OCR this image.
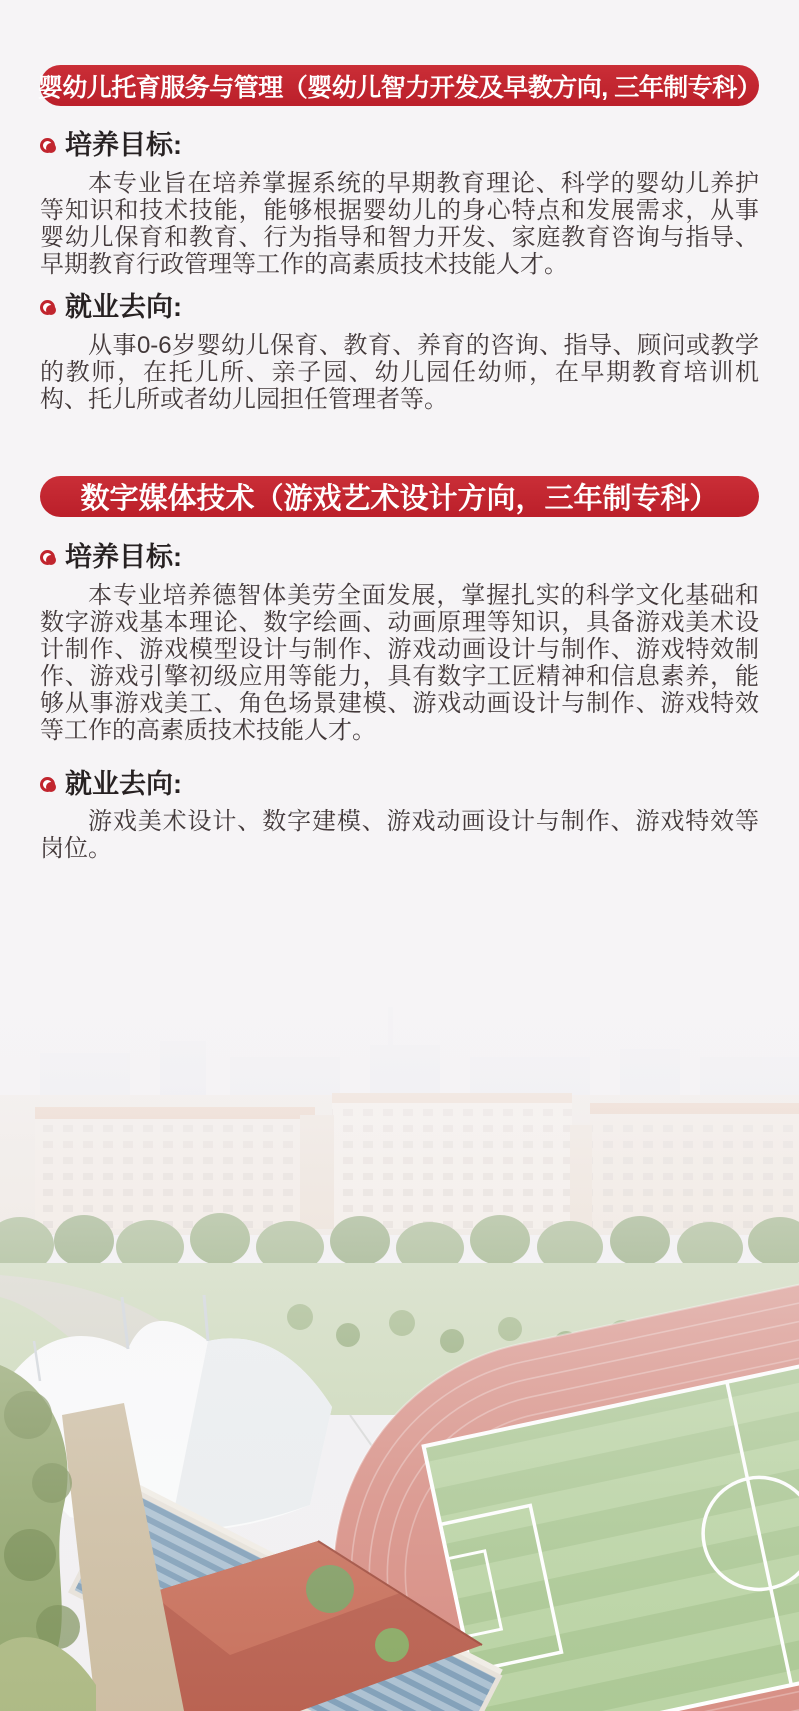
婴幼儿托育服务与管理（婴幼儿智力开发及早教方向, 三年制专科）
培养目标:

本专业旨在培养掌握系统的早期教育理论、科学的婴幼儿养护等知识和技术技能，能够根据婴幼儿的身心特点和发展需求，从事婴幼儿保育和教育、行为指导和智力开发、家庭教育咨询与指导、早期教育行政管理等工作的高素质技术技能人才。

就业去向:

从事0-6岁婴幼儿保育、教育、养育的咨询、指导、顾问或教学的教师，在托儿所、亲子园、幼儿园任幼师，在早期教育培训机构、托儿所或者幼儿园担任管理者等。

数字媒体技术（游戏艺术设计方向，三年制专科）
培养目标:

本专业培养德智体美劳全面发展，掌握扎实的科学文化基础和数字游戏基本理论、数字绘画、动画原理等知识，具备游戏美术设计制作、游戏模型设计与制作、游戏动画设计与制作、游戏特效制作、游戏引擎初级应用等能力，具有数字工匠精神和信息素养，能够从事游戏美工、角色场景建模、游戏动画设计与制作、游戏特效等工作的高素质技术技能人才。

就业去向:

游戏美术设计、数字建模、游戏动画设计与制作、游戏特效等岗位。
